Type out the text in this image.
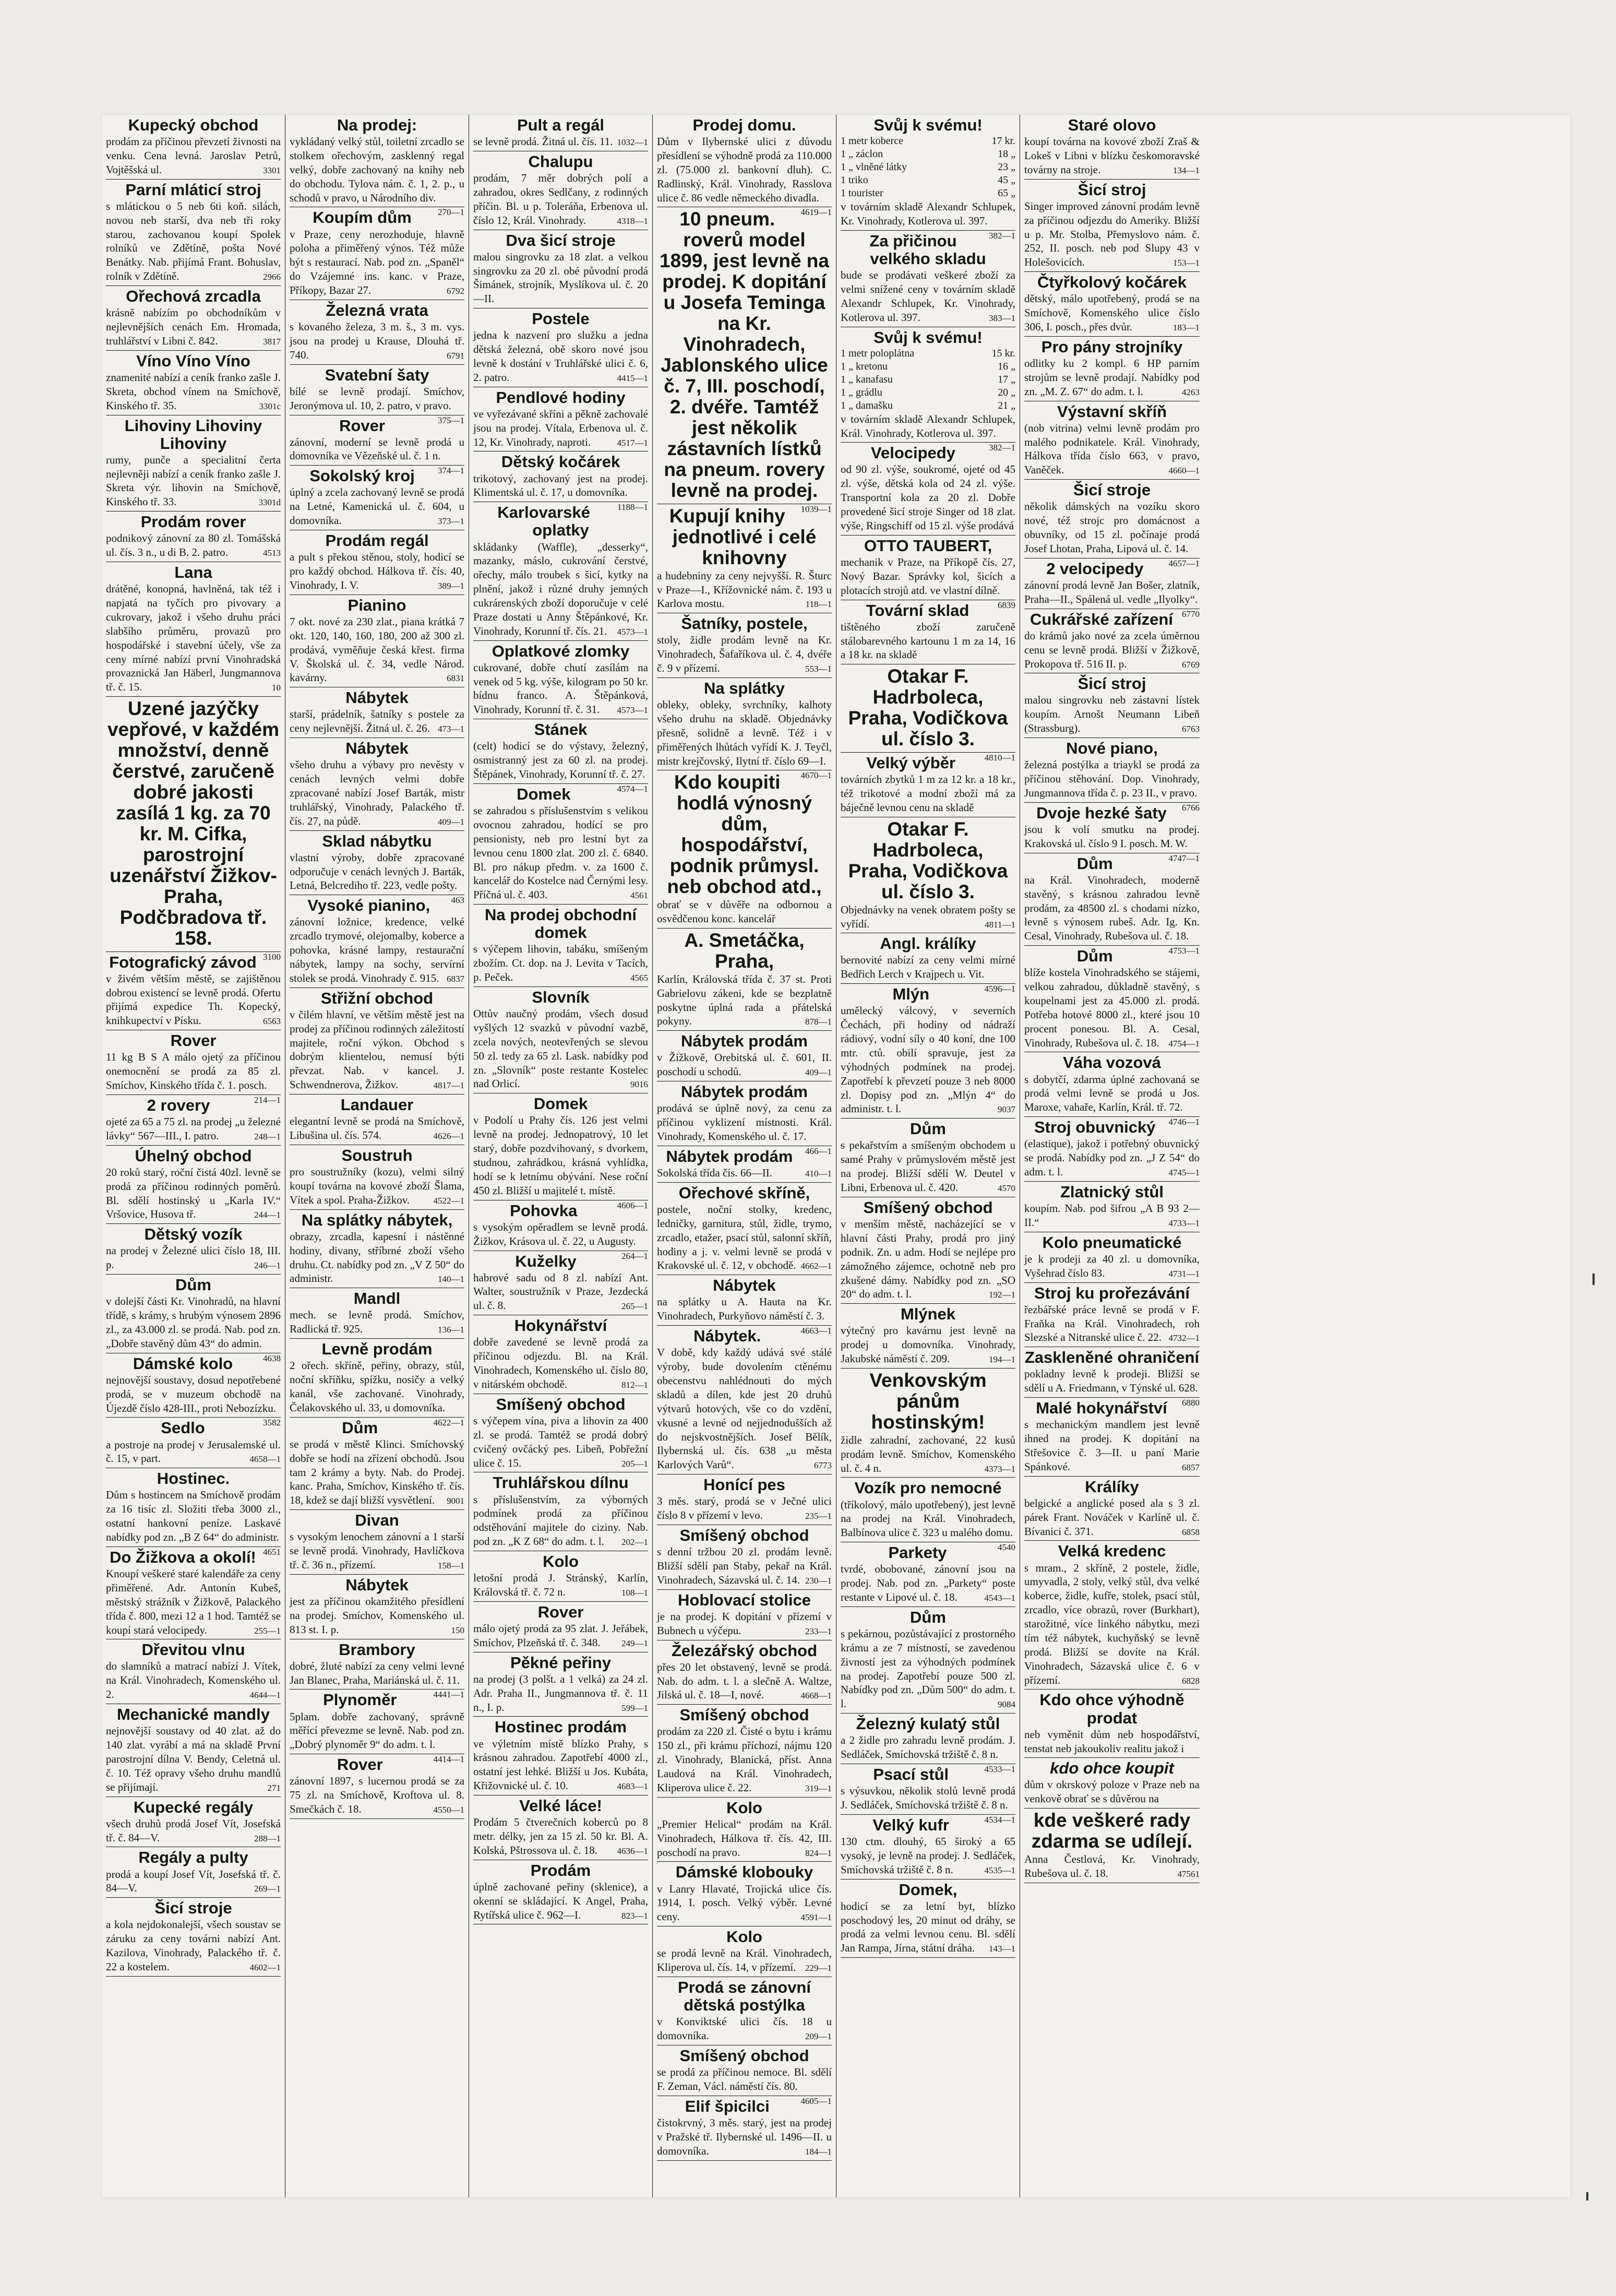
Kupecký obchod
prodám za příčinou převzetí živnosti na venku. Cena levná. Jaroslav Petrů, Vojtěšská ul.	3301
Parní mláticí stroj
s mlátickou o 5 neb 6ti koň. silách, novou neb starší, dva neb tři roky starou, zachovanou koupí Spolek rolníků ve Zdětíně, pošta Nové Benátky. Nab. přijímá Frant. Bohuslav, rolník v Zdětíně.	2966
Ořechová zrcadla
krásně nabízím po obchodníkům v nejlevnějších cenách Em. Hromada, truhlářství v Libni č. 842.	3817
Víno Víno Víno
znamenité nabízí a ceník franko zašle J. Skreta, obchod vínem na Smíchově, Kinského tř. 35.	3301c
Lihoviny Lihoviny Lihoviny
rumy, punče a specialitní čerta nejlevněji nabízí a ceník franko zašle J. Skreta výr. lihovin na Smíchově, Kinského tř. 33.	3301d
Prodám rover
podnikový zánovní za 80 zl. Tomášská ul. čís. 3 n., u di B. 2. patro.	4513
Lana
drátěné, konopná, havlněná, tak též i napjatá na tyčích pro pivovary a cukrovary, jakož i všeho druhu práci slabšího průměru, provazů pro hospodářské i stavební účely, vše za ceny mírné nabízí první Vinohradská provaznická Jan Häberl, Jungmannova tř. č. 15.	10
Uzené jazýčky vepřové, v každém množství, denně čerstvé, zaručeně dobré jakosti zasílá 1 kg. za 70 kr. M. Cifka, parostrojní uzenářství Žižkov-Praha, Podčbradova tř. 158.
3100
Fotografický závod
v živém větším městě, se zajištěnou dobrou existencí se levně prodá. Ofertu přijímá expedice Th. Kopecký, knihkupectví v Písku.	6563
Rover
11 kg B S A málo ojetý za příčinou onemocnění se prodá za 85 zl. Smíchov, Kinského třída č. 1. posch.
214—1
2 rovery
ojeté za 65 a 75 zl. na prodej „u železné lávky“ 567—III., I. patro.	248—1
Úhelný obchod
20 roků starý, roční čistá 40zl. levně se prodá za příčinou rodinných poměrů. Bl. sdělí hostinský u „Karla IV.“ Vršovice, Husova tř.	244—1
Dětský vozík
na prodej v Železné ulici číslo 18, III. p.	246—1
Dům
v dolejší části Kr. Vinohradů, na hlavní třídě, s krámy, s hrubým výnosem 2896 zl., za 43.000 zl. se prodá. Nab. pod zn. „Dobře stavěný dům 43“ do admin.
4638
Dámské kolo
nejnovější soustavy, dosud nepotřebené prodá, se v muzeum obchodě na Újezdě číslo 428-III., proti Nebozízku.
3582
Sedlo
a postroje na prodej v Jerusalemské ul. č. 15, v part.	4658—1
Hostinec.
Dům s hostincem na Smíchově prodám za 16 tisíc zl. Složiti třeba 3000 zl., ostatní hankovní peníze. Laskavé nabídky pod zn. „B Z 64“ do administr.
4651
Do Žižkova a okolí!
Knoupí veškeré staré kalendáře za ceny přiměřené. Adr. Antonín Kubeš, městský strážník v Žižkově, Palackého třída č. 800, mezi 12 a 1 hod. Tamtéž se koupí stará velocipedy.	255—1
Dřevitou vlnu
do slamníků a matrací nabízí J. Vítek, na Král. Vinohradech, Komenského ul. 2.	4644—1
Mechanické mandly
nejnovější soustavy od 40 zlat. až do 140 zlat. vyrábí a má na skladě První parostrojní dílna V. Bendy, Celetná ul. č. 10. Též opravy všeho druhu mandlů se přijímají.	271
Kupecké regály
všech druhů prodá Josef Vít, Josefská tř. č. 84—V.	288—1
Regály a pulty
prodá a koupí Josef Vít, Josefská tř. č. 84—V.	269—1
Šicí stroje
a kola nejdokonalejší, všech soustav se záruku za ceny továrni nabízí Ant. Kazilova, Vinohrady, Palackého tř. č. 22 a kostelem.	4602—1
Na prodej:
vykládaný velký stůl, toiletní zrcadlo se stolkem ořechovým, zasklenný regal velký, dobře zachovaný na knihy neb do obchodu. Tylova nám. č. 1, 2. p., u schodů v pravo, u Národního div.
270—1
Koupím dům
v Praze, ceny nerozhoduje, hlavně poloha a přiměřený výnos. Též může být s restaurací. Nab. pod zn. „Spaněl“ do Vzájemné ins. kanc. v Praze, Příkopy, Bazar 27.	6792
Železná vrata
s kovaného železa, 3 m. š., 3 m. vys. jsou na prodej u Krause, Dlouhá tř. 740.	6791
Svatební šaty
bílé se levně prodají. Smíchov, Jeronýmova ul. 10, 2. patro, v pravo.
375—1
Rover
zánovní, moderní se levně prodá u domovníka ve Vězeňské ul. č. 1 n.
374—1
Sokolský kroj
úplný a zcela zachovaný levně se prodá na Letné, Kamenická ul. č. 604, u domovníka.	373—1
Prodám regál
a pult s překou stěnou, stoly, hodicí se pro každý obchod. Hálkova tř. čís. 40, Vinohrady, I. V.	389—1
Pianino
7 okt. nové za 230 zlat., piana krátká 7 okt. 120, 140, 160, 180, 200 až 300 zl. prodává, vyměňuje česká křest. firma V. Školská ul. č. 34, vedle Národ. kavárny.	6831
Nábytek
starší, prádelník, šatníky s postele za ceny nejlevnější. Žitná ul. č. 26. 473—1
Nábytek
všeho druhu a výbavy pro nevěsty v cenách levných velmi dobře zpracované nabízí Josef Barták, mistr truhlářský, Vinohrady, Palackého tř. čís. 27, na půdě.	409—1
Sklad nábytku
vlastní výroby, dobře zpracované odporučuje v cenách levných J. Barták, Letná, Belcrediho tř. 223, vedle pošty.
463
Vysoké pianino,
zánovní ložnice, kredence, velké zrcadlo trymové, olejomalby, koberce a pohovka, krásné lampy, restaurační nábytek, lampy na sochy, servírní stolek se prodá. Vinohrady č. 915. 6837
Střižní obchod
v čilém hlavní, ve větším městě jest na prodej za příčinou rodinných záležitostí majitele, roční výkon. Obchod s dobrým klientelou, nemusí býti převzat. Nab. v kancel. J. Schwendnerova, Žižkov.	4817—1
Landauer
elegantní levně se prodá na Smíchově, Libušina ul. čís. 574.	4626—1
Soustruh
pro soustružníky (kozu), velmi silný koupí továrna na kovové zboží Šlama, Vítek a spol. Praha-Žižkov.	4522—1
Na splátky nábytek,
obrazy, zrcadla, kapesní i nástěnné hodiny, divany, stříbrné zboží všeho druhu. Ct. nabídky pod zn. „V Z 50“ do administr.	140—1
Mandl
mech. se levně prodá. Smíchov, Radlická tř. 925.	136—1
Levně prodám
2 ořech. skříně, peřiny, obrazy, stůl, noční skříňku, spížku, nosičy a velký kanál, vše zachované. Vinohrady, Čelakovského ul. 33, u domovníka.
4622—1
Dům
se prodá v městě Klinci. Smíchovský dobře se hodí na zřízení obchodů. Jsou tam 2 krámy a byty. Nab. do Prodej. kanc. Praha, Smíchov, Kinského tř. čís. 18, kdež se dají bližší vysvětlení. 9001
Divan
s vysokým lenochem zánovní a 1 starší se levně prodá. Vinohrady, Havlíčkova tř. č. 36 n., přízemí.	158—1
Nábytek
jest za příčinou okamžitého přesídlení na prodej. Smíchov, Komenského ul. 813 st. I. p.	150
Brambory
dobré, žluté nabízí za ceny velmi levné Jan Blanec, Praha, Mariánská ul. č. 11.
4441—1
Plynoměr
5plam. dobře zachovaný, správně měřící převezme se levně. Nab. pod zn. „Dobrý plynoměr 9“ do adm. t. l.
4414—1
Rover
zánovní 1897, s lucernou prodá se za 75 zl. na Smíchově, Kroftova ul. 8. Smečkách č. 18.	4550—1
Pult a regál
se levně prodá. Žitná ul. čís. 11. 1032—1
Chalupu
prodám, 7 měr dobrých polí a zahradou, okres Sedlčany, z rodinných příčin. Bl. u p. Toleráňa, Erbenova ul. číslo 12, Král. Vinohrady.	4318—1
Dva šicí stroje
malou singrovku za 18 zlat. a velkou singrovku za 20 zl. obé původní prodá Šimánek, strojník, Myslíkova ul. č. 20—II.
Postele
jedna k nazvení pro služku a jedna dětská železná, obě skoro nové jsou levně k dostání v Truhlářské ulici č. 6, 2. patro.	4415—1
Pendlové hodiny
ve vyřezávané skříni a pěkně zachovalé jsou na prodej. Vítala, Erbenova ul. č. 12, Kr. Vinohrady, naproti.	4517—1
Dětský kočárek
trikotový, zachovaný jest na prodej. Klimentská ul. č. 17, u domovníka.
1188—1
Karlovarské oplatky
skládanky (Waffle), „desserky“, mazanky, máslo, cukrování čerstvé, ořechy, málo troubek s šicí, kytky na plnění, jakož i různé druhy jemných cukrárenských zboží doporučuje v celé Praze dostati u Anny Štěpánkové, Kr. Vinohrady, Korunní tř. čís. 21. 4573—1
Oplatkové zlomky
cukrované, dobře chutí zasílám na venek od 5 kg. výše, kilogram po 50 kr. bídnu franco. A. Štěpánková, Vinohrady, Korunní tř. č. 31. 4573—1
Stánek
(celt) hodicí se do výstavy, železný, osmistranný jest za 60 zl. na prodej. Štěpánek, Vinohrady, Korunní tř. č. 27.
4574—1
Domek
se zahradou s příslušenstvím s velikou ovocnou zahradou, hodící se pro pensionisty, neb pro lestní byt za levnou cenu 1800 zlat. 200 zl. č. 6840. Bl. pro nákup předm. v. za 1600 č. kancelář do Kostelce nad Černými lesy. Příčná ul. č. 403.	4561
Na prodej obchodní domek
s výčepem lihovin, tabáku, smíšeným zbožím. Ct. dop. na J. Levita v Tacích, p. Peček.	4565
Slovník
Ottův naučný prodám, všech dosud vyšlých 12 svazků v původní vazbě, zcela nových, neotevřených se slevou 50 zl. tedy za 65 zl. Lask. nabídky pod zn. „Slovník“ poste restante Kostelec nad Orlicí.	9016
Domek
v Podolí u Prahy čís. 126 jest velmi levně na prodej. Jednopatrový, 10 let starý, dobře pozdvihovaný, s dvorkem, studnou, zahrádkou, krásná vyhlídka, hodí se k letnímu obývání. Nese roční 450 zl. Bližší u majitelé t. místě.
4606—1
Pohovka
s vysokým opěradlem se levně prodá. Žižkov, Krásova ul. č. 22, u Augusty.
264—1
Kuželky
habrové sadu od 8 zl. nabízí Ant. Walter, soustružník v Praze, Jezdecká ul. č. 8.	265—1
Hokynářství
dobře zavedené se levně prodá za příčinou odjezdu. Bl. na Král. Vinohradech, Komenského ul. číslo 80, v nitárském obchodě.	812—1
Smíšený obchod
s výčepem vína, piva a lihovin za 400 zl. se prodá. Tamtéž se prodá dobrý cvičený ovčácký pes. Libeň, Pobřežní ulice č. 15.	205—1
Truhlářskou dílnu
s příslušenstvím, za výborných podmínek prodá za příčinou odstěhování majitele do ciziny. Nab. pod zn. „K Z 68“ do adm. t. l. 202—1
Kolo
letošní prodá J. Stránský, Karlín, Královská tř. č. 72 n.	108—1
Rover
málo ojetý prodá za 95 zlat. J. Jeřábek, Smíchov, Plzeňská tř. č. 348. 249—1
Pěkné peřiny
na prodej (3 polšt. a 1 velká) za 24 zl. Adr. Praha II., Jungmannova tř. č. 11 n., I. p.	599—1
Hostinec prodám
ve výletním místě blízko Prahy, s krásnou zahradou. Zapotřebí 4000 zl., ostatní jest lehké. Bližší u Jos. Kubáta, Křižovnické ul. č. 10.	4683—1
Velké láce!
Prodám 5 čtverečních koberců po 8 metr. délky, jen za 15 zl. 50 kr. Bl. A. Kolská, Pštrossova ul. č. 18. 4636—1
Prodám
úplně zachované peřiny (sklenice), a okenní se skládající. K Angel, Praha, Rytířská ulice č. 962—I.	823—1
Prodej domu.
Dům v Ilybernské ulici z důvodu přesídlení se výhodně prodá za 110.000 zl. (75.000 zl. bankovní dluh). C. Radlinský, Král. Vinohrady, Rasslova ulice č. 86 vedle německého divadla.
4619—1
10 pneum. roverů model 1899, jest levně na prodej. K dopitání u Josefa Teminga na Kr. Vinohradech, Jablonského ulice č. 7, III. poschodí, 2. dvéře. Tamtéž jest několik zástavních lístků na pneum. rovery levně na prodej.
1039—1
Kupují knihy jednotlivé i celé knihovny
a hudebniny za ceny nejvyšší. R. Šturc v Praze—I., Křížovnické nám. č. 193 u Karlova mostu.	118—1
Šatníky, postele,
stoly, židle prodám levně na Kr. Vinohradech, Šafaříkova ul. č. 4, dvéře č. 9 v přízemí.	553—1
Na splátky
obleky, obleky, svrchníky, kalhoty všeho druhu na skladě. Objednávky přesně, solidně a levně. Též i v přiměřených lhůtách vyřídí K. J. Teyčl, mistr krejčovský, Ilytní tř. číslo 69—I.
4670—1
Kdo koupiti hodlá výnosný dům, hospodářství, podnik průmysl. neb obchod atd.,
obrať se v důvěře na odbornou a osvědčenou konc. kancelář
A. Smetáčka, Praha,
Karlín, Královská třída č. 37 st. Proti Gabrielovu zákeni, kde se bezplatně poskytne úplná rada a přátelská pokyny.	878—1
Nábytek prodám
v Žižkově, Orebitská ul. č. 601, II. poschodí u schodů.	409—1
Nábytek prodám
prodává se úplně nový, za cenu za příčinou vyklizení místnosti. Král. Vinohrady, Komenského ul. č. 17.
466—1
Nábytek prodám
Sokolská třída čís. 66—II.	410—1
Ořechové skříně,
postele, noční stolky, kredenc, ledničky, garnitura, stůl, židle, trymo, zrcadlo, etažer, psací stůl, salonní skříň, hodiny a j. v. velmi levně se prodá v Krakovské ul. č. 12, v obchodě. 4662—1
Nábytek
na splátky u A. Hauta na Kr. Vinohradech, Purkyňovo náměstí č. 3.
4663—1
Nábytek.
V době, kdy každý udává své stálé výroby, bude dovolením ctěnému obecenstvu nahlédnouti do mých skladů a dílen, kde jest 20 druhů výtvarů hotových, vše co do vzdění, vkusné a levné od nejjednodušších až do nejskvostnějších. Josef Bělík, Ilybernská ul. čís. 638 „u města Karlových Varů“.	6773
Honící pes
3 měs. starý, prodá se v Ječné ulici číslo 8 v přízemí v levo.	235—1
Smíšený obchod
s denní tržbou 20 zl. prodám levně. Bližší sdělí pan Staby, pekař na Král. Vinohradech, Sázavská ul. č. 14. 230—1
Hoblovací stolice
je na prodej. K dopitání v přízemí v Bubnech u výčepu.	233—1
Železářský obchod
přes 20 let obstavený, levně se prodá. Nab. do adm. t. l. a slečně A. Waltze, Jilská ul. č. 18—I, nové.	4668—1
Smíšený obchod
prodám za 220 zl. Čisté o bytu i krámu 150 zl., při krámu příchozí, nájmu 120 zl. Vinohrady, Blanická, příst. Anna Laudová na Král. Vinohradech, Kliperova ulice č. 22.	319—1
Kolo
„Premier Helical“ prodám na Král. Vinohradech, Hálkova tř. čís. 42, III. poschodí na pravo.	824—1
Dámské klobouky
v Lanry Hlavaté, Trojická ulice čís. 1914, I. posch. Velký výběr. Levné ceny.	4591—1
Kolo
se prodá levně na Král. Vinohradech, Kliperova ul. čís. 14, v přízemí. 229—1
Prodá se zánovní dětská postýlka
v Konviktské ulici čís. 18 u domovníka.	209—1
Smíšený obchod
se prodá za příčinou nemoce. Bl. sdělí F. Zeman, Václ. náměstí čís. 80.
4605—1
Elif špicilci
čistokrvný, 3 měs. starý, jest na prodej v Pražské tř. Ilybernské ul. 1496—II. u domovníka.	184—1
Svůj k svému!
1 metr koberce	17 kr.
1 „ záclon	18 „
1 „ vlněné látky	23 „
1 triko	45 „
1 tourister	65 „
v továrním skladě Alexandr Schlupek, Kr. Vinohrady, Kotlerova ul. 397.
382—1
Za přičinou velkého skladu
bude se prodávati veškeré zboží za velmi snížené ceny v továrním skladě Alexandr Schlupek, Kr. Vinohrady, Kotlerova ul. 397.	383—1
Svůj k svému!
1 metr poloplátna	15 kr.
1 „ kretonu	16 „
1 „ kanafasu	17 „
1 „ grádlu	20 „
1 „ damašku	21 „
v továrním skladě Alexandr Schlupek, Král. Vinohrady, Kotlerova ul. 397.
382—1
Velocipedy
od 90 zl. výše, soukromé, ojeté od 45 zl. výše, dětská kola od 24 zl. výše. Transportní kola za 20 zl. Dobře provedené šicí stroje Singer od 18 zlat. výše, Ringschiff od 15 zl. výše prodává
OTTO TAUBERT,
mechanik v Praze, na Příkopě čís. 27, Nový Bazar. Správky kol, šicích a plotacích strojů atd. ve vlastní dílně.
6839
Tovární sklad
tištěného zboží zaručeně stálobarevného kartounu 1 m za 14, 16 a 18 kr. na skladě
Otakar F. Hadrboleca, Praha, Vodičkova ul. číslo 3.
4810—1
Velký výběr
továrních zbytků 1 m za 12 kr. a 18 kr., též trikotové a modní zboží má za báječně levnou cenu na skladě
Otakar F. Hadrboleca, Praha, Vodičkova ul. číslo 3.
Objednávky na venek obratem pošty se vyřídí.	4811—1
Angl. králíky
bernovité nabízí za ceny velmi mírné Bedřich Lerch v Krajpech u. Vit.
4596—1
Mlýn
umělecký válcový, v severních Čechách, při hodiny od nádraží rádiový, vodní síly o 40 koní, dne 100 mtr. ctů. obilí spravuje, jest za výhodných podmínek na prodej. Zapotřebí k převzetí pouze 3 neb 8000 zl. Dopisy pod zn. „Mlýn 4“ do administr. t. l.	9037
Dům
s pekařstvím a smíšeným obchodem u samé Prahy v průmyslovém městě jest na prodej. Bližší sdělí W. Deutel v Libni, Erbenova ul. č. 420.	4570
Smíšený obchod
v menším městě, nacházející se v hlavní části Prahy, prodá pro jiný podnik. Zn. u adm. Hodí se nejlépe pro zámožného zájemce, ochotně neb pro zkušené dámy. Nabídky pod zn. „SO 20“ do adm. t. l.	192—1
Mlýnek
výtečný pro kavárnu jest levně na prodej u domovníka. Vinohrady, Jakubské náměstí č. 209.	194—1
Venkovským pánům hostinským!
židle zahradní, zachované, 22 kusů prodám levně. Smíchov, Komenského ul. č. 4 n.	4373—1
Vozík pro nemocné
(tříkolový, málo upotřebený), jest levně na prodej na Král. Vinohradech, Balbínova ulice č. 323 u malého domu.
4540
Parkety
tvrdé, obobované, zánovní jsou na prodej. Nab. pod zn. „Parkety“ poste restante v Lipové ul. č. 18.	4543—1
Dům
s pekárnou, pozůstávající z prostorného krámu a ze 7 místností, se zavedenou živností jest za výhodných podmínek na prodej. Zapotřebí pouze 500 zl. Nabídky pod zn. „Dům 500“ do adm. t. l.	9084
Železný kulatý stůl
a 2 židle pro zahradu levně prodám. J. Sedláček, Smíchovská tržiště č. 8 n.
4533—1
Psací stůl
s výsuvkou, několik stolů levně prodá J. Sedláček, Smíchovská tržiště č. 8 n.
4534—1
Velký kufr
130 ctm. dlouhý, 65 široký a 65 vysoký, je levně na prodej. J. Sedláček, Smíchovská tržiště č. 8 n.	4535—1
Domek,
hodicí se za letní byt, blízko poschodový les, 20 minut od dráhy, se prodá za velmi levnou cenu. Bl. sdělí Jan Rampa, Jírna, státní dráha. 143—1
Staré olovo
koupí továrna na kovové zboží Zraš & Lokeš v Libni v blízku českomoravské továrny na stroje.	134—1
Šicí stroj
Singer improved zánovní prodám levně za příčinou odjezdu do Ameriky. Bližší u p. Mr. Stolba, Přemyslovo nám. č. 252, II. posch. neb pod Slupy 43 v Holešovicích.	153—1
Čtyřkolový kočárek
dětský, málo upotřebený, prodá se na Smíchově, Komenského ulice číslo 306, I. posch., přes dvůr.	183—1
Pro pány strojníky
odlitky ku 2 kompl. 6 HP parním strojům se levně prodají. Nabídky pod zn. „M. Z. 67“ do adm. t. l.	4263
Výstavní skříň
(nob vitrina) velmi levně prodám pro malého podnikatele. Král. Vinohrady, Hálkova třída číslo 663, v pravo, Vaněček.	4660—1
Šicí stroje
několik dámských na vozíku skoro nové, též strojc pro domácnost a obuvníky, od 15 zl. počínaje prodá Josef Lhotan, Praha, Lipová ul. č. 14.
4657—1
2 velocipedy
zánovní prodá levně Jan Bošer, zlatník, Praha—II., Spálená ul. vedle „Ilyolky“.
6770
Cukrářské zařízení
do krámů jako nové za zcela úměrnou cenu se levně prodá. Bližší v Žižkově, Prokopova tř. 516 II. p.	6769
Šicí stroj
malou singrovku neb zástavní lístek koupím. Arnošt Neumann Libeň (Strassburg).	6763
Nové piano,
železná postýlka a triaykl se prodá za příčinou stěhování. Dop. Vinohrady, Jungmannova třída č. p. 23 II., v pravo.
6766
Dvoje hezké šaty
jsou k volí smutku na prodej. Krakovská ul. číslo 9 I. posch. M. W.
4747—1
Dům
na Král. Vinohradech, moderně stavěný, s krásnou zahradou levně prodám, za 48500 zl. s chodami nízko, levně s výnosem rubeš. Adr. Ig. Kn. Cesal, Vinohrady, Rubešova ul. č. 18.
4753—1
Dům
blíže kostela Vinohradského se stájemi, velkou zahradou, důkladně stavěný, s koupelnami jest za 45.000 zl. prodá. Potřeba hotové 8000 zl., které jsou 10 procent ponesou. Bl. A. Cesal, Vinohrady, Rubešova ul. č. 18. 4754—1
Váha vozová
s dobytčí, zdarma úplné zachovaná se prodá velmi levně se prodá u Jos. Maroxe, vahaře, Karlín, Král. tř. 72.
4746—1
Stroj obuvnický
(elastique), jakož i potřebný obuvnický se prodá. Nabídky pod zn. „J Z 54“ do adm. t. l.	4745—1
Zlatnický stůl
koupím. Nab. pod šifrou „A B 93 2—II.“	4733—1
Kolo pneumatické
je k prodeji za 40 zl. u domovníka, Vyšehrad číslo 83.	4731—1
Stroj ku prořezávání
řezbářské práce levně se prodá v F. Fraňka na Král. Vinohradech, roh Slezské a Nitranské ulice č. 22. 4732—1
Zaskleněné ohraničení
pokladny levně k prodeji. Bližší se sdělí u A. Friedmann, v Týnské ul. 628.
6880
Malé hokynářství
s mechanickým mandlem jest levně ihned na prodej. K dopitání na Střešovice č. 3—II. u paní Marie Spánkové.	6857
Králíky
belgické a anglické posed ala s 3 zl. párek Frant. Nováček v Karlíně ul. č. Bívanici č. 371.	6858
Velká kredenc
s mram., 2 skříně, 2 postele, židle, umyvadla, 2 stoly, velký stůl, dva velké koberce, židle, kufře, stolek, psací stůl, zrcadlo, více obrazů, rover (Burkhart), starožitné, více linkého nábytku, mezi tím též nábytek, kuchyňský se levně prodá. Bližší se dovíte na Král. Vinohradech, Sázavská ulice č. 6 v přízemí.	6828
Kdo ohce výhodně prodat
neb vyměnit dům neb hospodářství, tenstat neb jakoukoliv realitu jakož i
kdo ohce koupit
dům v okrskový poloze v Praze neb na venkově obrať se s důvěrou na
kde veškeré rady zdarma se udílejí.
Anna Čestlová, Kr. Vinohrady, Rubešova ul. č. 18.	47561
